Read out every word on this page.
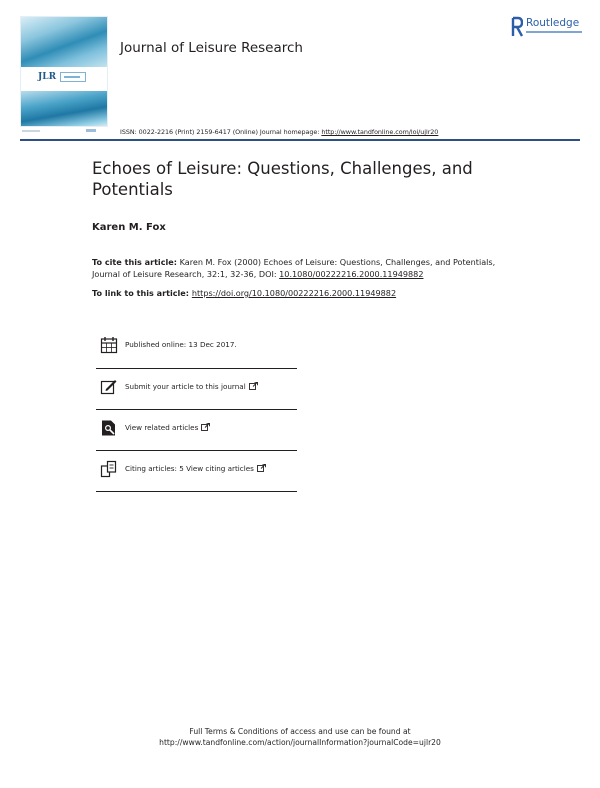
JLR
Journal of Leisure Research
Routledge
ISSN: 0022-2216 (Print) 2159-6417 (Online) Journal homepage: http://www.tandfonline.com/loi/ujlr20
Echoes of Leisure: Questions, Challenges, and Potentials
Karen M. Fox
To cite this article: Karen M. Fox (2000) Echoes of Leisure: Questions, Challenges, and Potentials, Journal of Leisure Research, 32:1, 32-36, DOI: 10.1080/00222216.2000.11949882
To link to this article: https://doi.org/10.1080/00222216.2000.11949882
Published online: 13 Dec 2017.
Submit your article to this journal
View related articles
Citing articles: 5 View citing articles
Full Terms & Conditions of access and use can be found at
http://www.tandfonline.com/action/journalInformation?journalCode=ujlr20
